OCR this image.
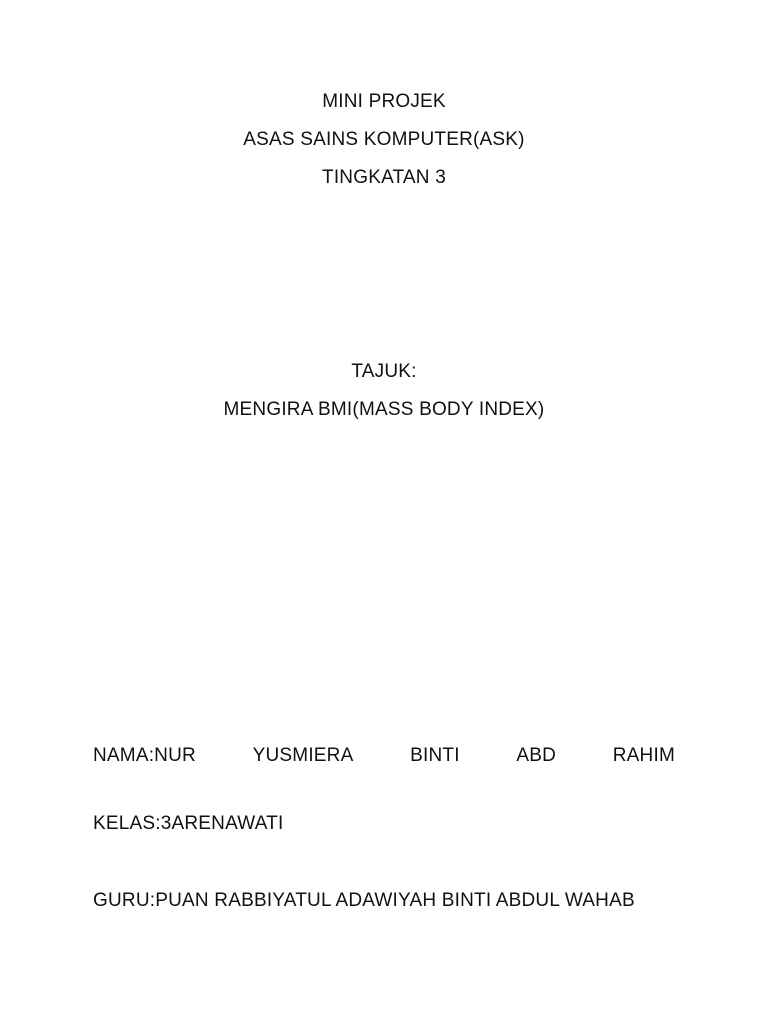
MINI PROJEK
ASAS SAINS KOMPUTER(ASK)
TINGKATAN 3
TAJUK:
MENGIRA BMI(MASS BODY INDEX)
NAMA:NUR	YUSMIERA	BINTI	ABD	RAHIM
KELAS:3ARENAWATI
GURU:PUAN RABBIYATUL ADAWIYAH BINTI ABDUL WAHAB
